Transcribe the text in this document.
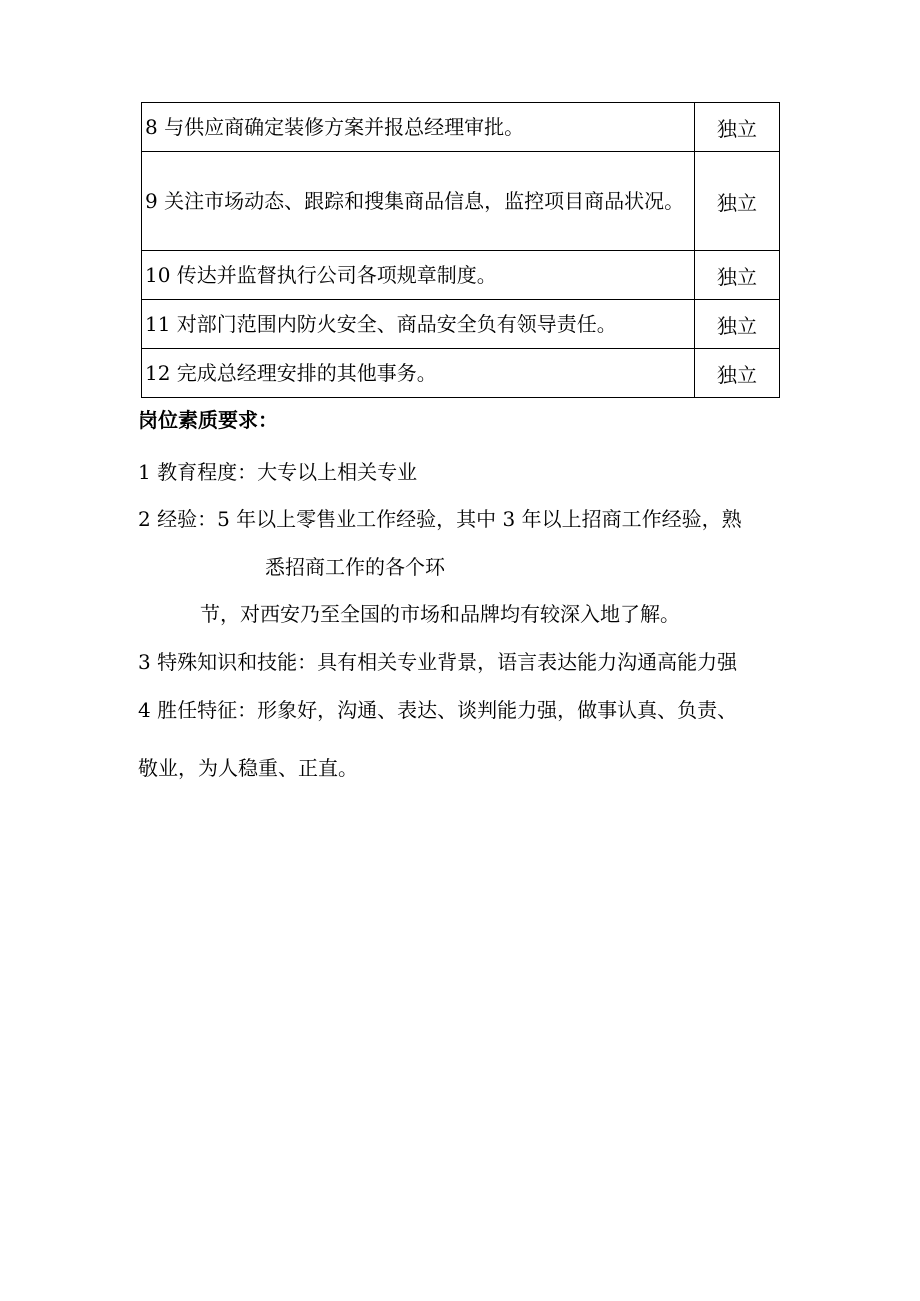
8 与供应商确定装修方案并报总经理审批。	独立
9 关注市场动态、跟踪和搜集商品信息，监控项目商品状况。	独立
10 传达并监督执行公司各项规章制度。	独立
11 对部门范围内防火安全、商品安全负有领导责任。	独立
12 完成总经理安排的其他事务。	独立
岗位素质要求：
1 教育程度：大专以上相关专业
2 经验：5 年以上零售业工作经验，其中 3 年以上招商工作经验，熟
悉招商工作的各个环
节，对西安乃至全国的市场和品牌均有较深入地了解。
3 特殊知识和技能：具有相关专业背景，语言表达能力沟通高能力强
4 胜任特征：形象好，沟通、表达、谈判能力强，做事认真、负责、
敬业，为人稳重、正直。
